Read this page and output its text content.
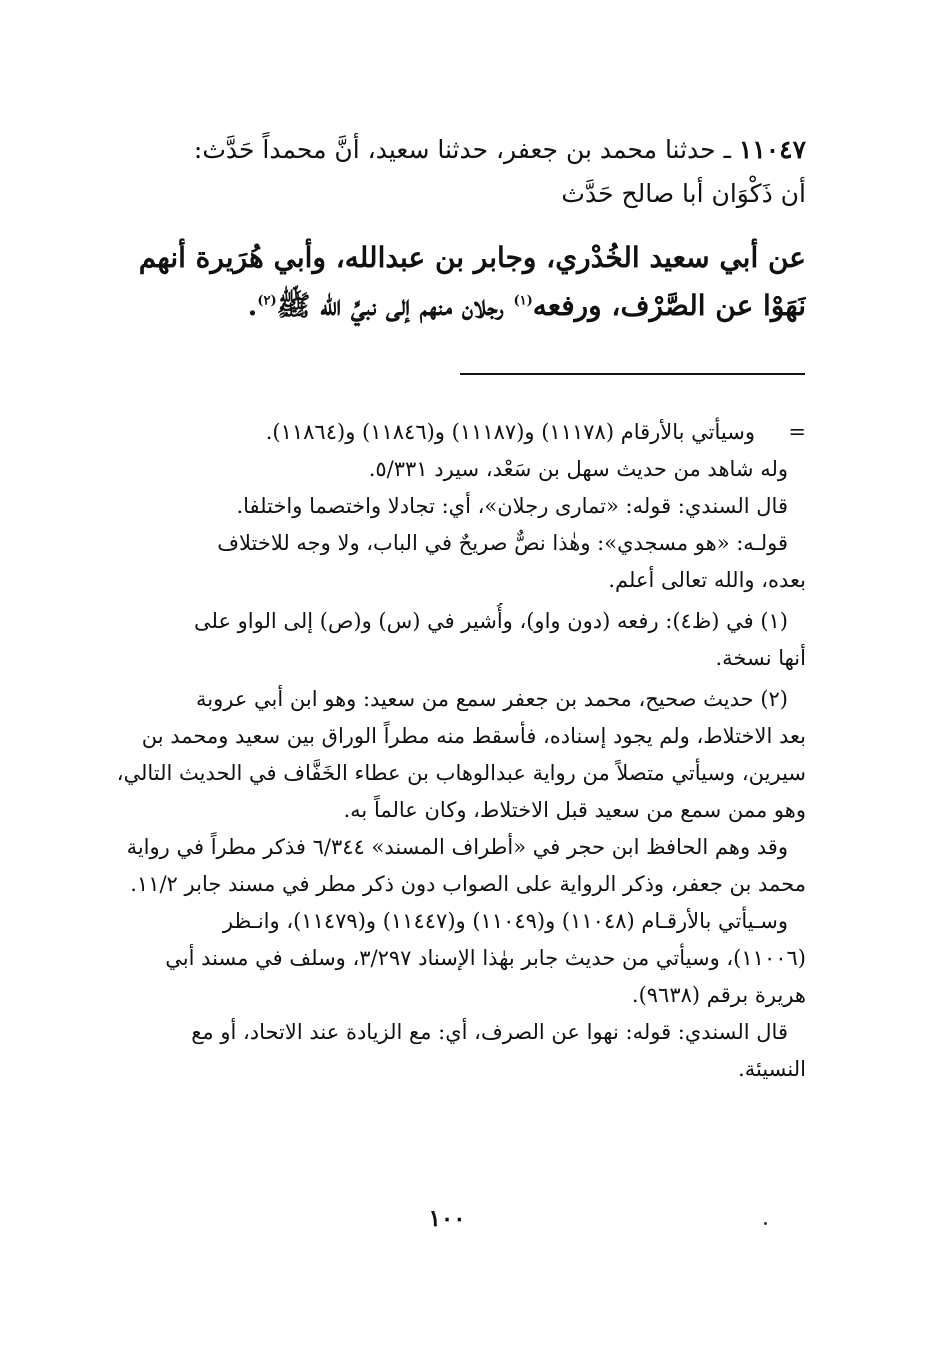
١١٠٤٧ ـ حدثنا محمد بن جعفر، حدثنا سعيد، أنَّ محمداً حَدَّث:
أن ذَكْوَان أبا صالح حَدَّث
عن أبي سعيد الخُدْري، وجابر بن عبدالله، وأبي هُرَيرة أنهم
نَهَوْا عن الصَّرْف، ورفعه$^{(١)}$ رجلان منهم إلى نبيِّ الله ﷺ$^{(٢)}$.
=     وسيأتي بالأرقام (١١١٧٨) و(١١١٨٧) و(١١٨٤٦) و(١١٨٦٤).
وله شاهد من حديث سهل بن سَعْد، سيرد ٥/٣٣١.
قال السندي: قوله: «تمارى رجلان»، أي: تجادلا واختصما واختلفا.
قولـه: «هو مسجدي»: وهٰذا نصٌّ صريحٌ في الباب، ولا وجه للاختلاف
بعده، والله تعالى أعلم.
(١) في (ظ٤): رفعه (دون واو)، وأُشير في (س) و(ص) إلى الواو على
أنها نسخة.
(٢) حديث صحيح، محمد بن جعفر سمع من سعيد: وهو ابن أبي عروبة
بعد الاختلاط، ولم يجود إسناده، فأسقط منه مطراً الوراق بين سعيد ومحمد بن
سيرين، وسيأتي متصلاً من رواية عبدالوهاب بن عطاء الخَفَّاف في الحديث التالي،
وهو ممن سمع من سعيد قبل الاختلاط، وكان عالماً به.
وقد وهم الحافظ ابن حجر في «أطراف المسند» ٦/٣٤٤ فذكر مطراً في رواية
محمد بن جعفر، وذكر الرواية على الصواب دون ذكر مطر في مسند جابر ١١/٢.
وسـيأتي بالأرقـام (١١٠٤٨) و(١١٠٤٩) و(١١٤٤٧) و(١١٤٧٩)، وانـظر
(١١٠٠٦)، وسيأتي من حديث جابر بهٰذا الإسناد ٣/٢٩٧، وسلف في مسند أبي
هريرة برقم (٩٦٣٨).
قال السندي: قوله: نهوا عن الصرف، أي: مع الزيادة عند الاتحاد، أو مع
النسيئة.
١٠٠
